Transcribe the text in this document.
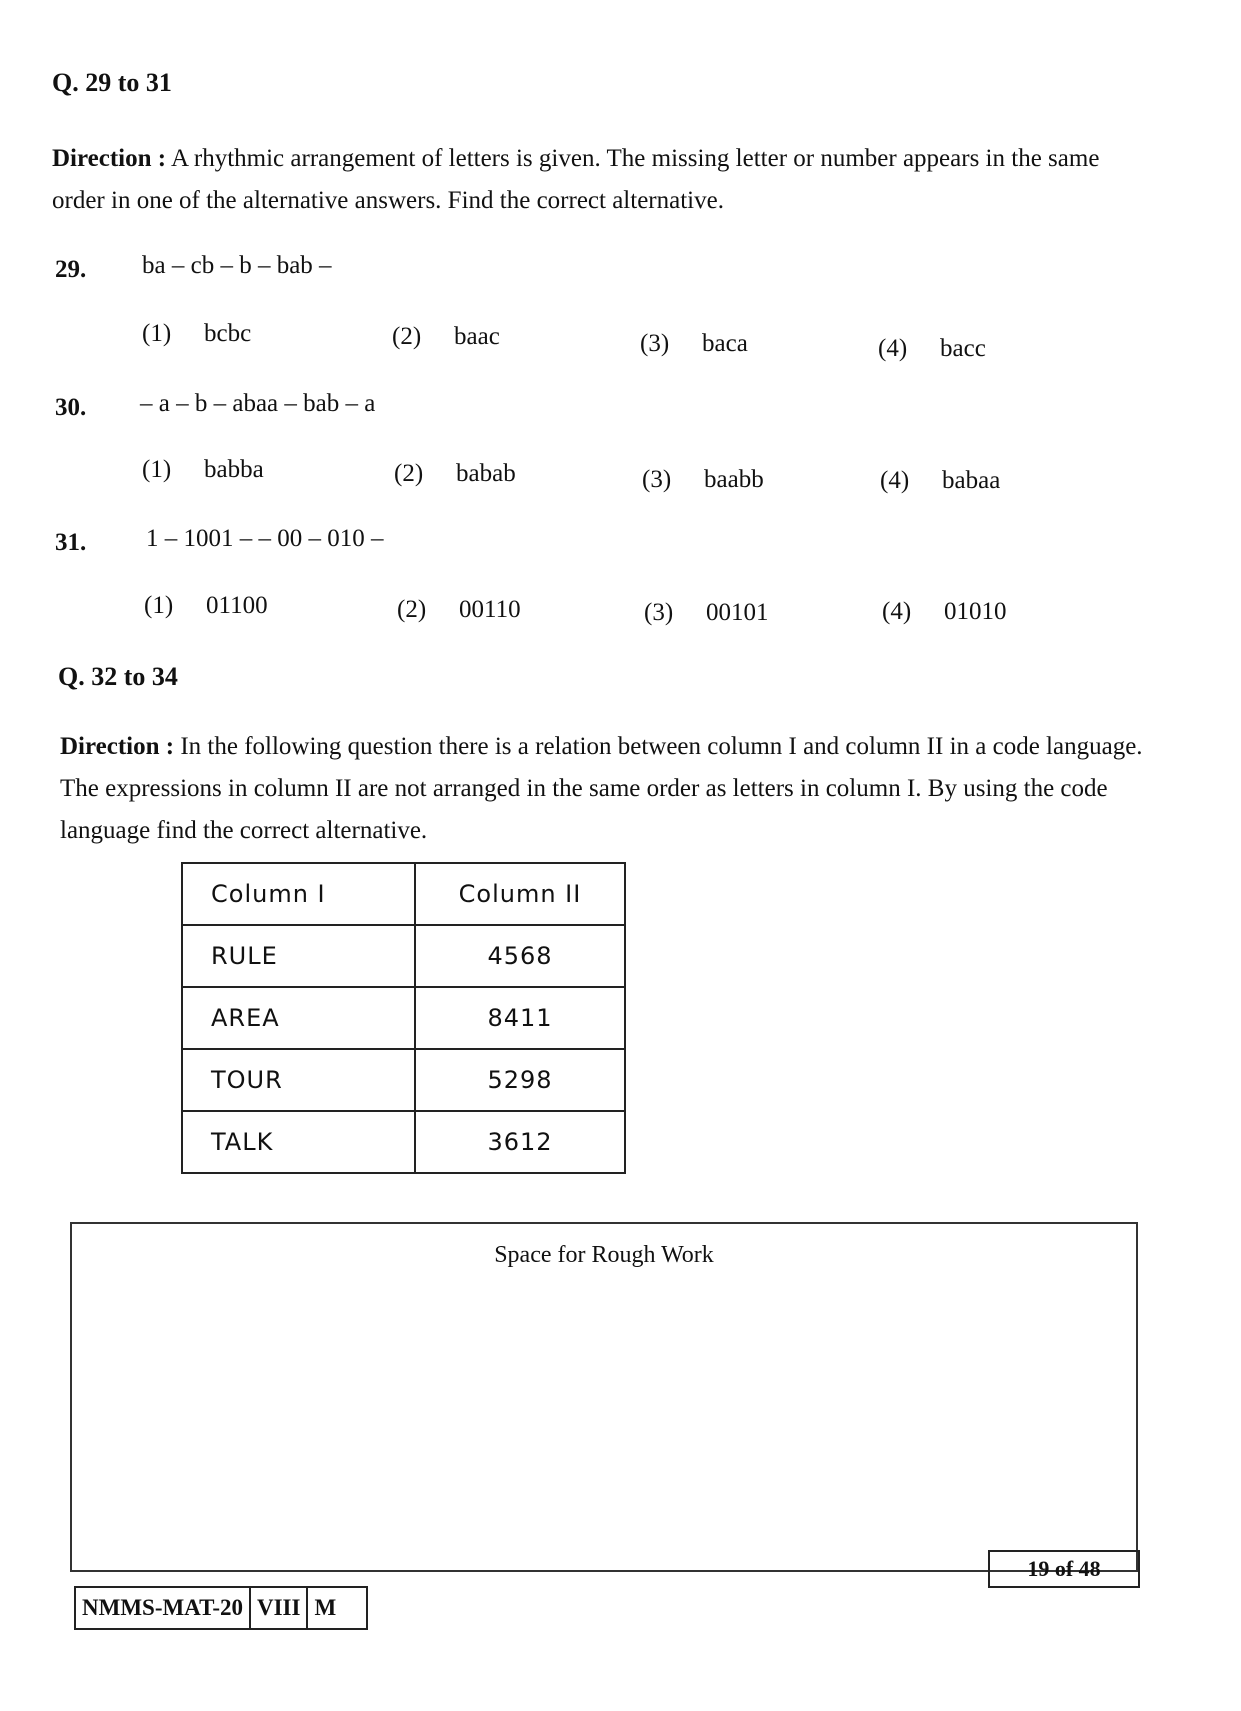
Q. 29 to 31
Direction : A rhythmic arrangement of letters is given. The missing letter or number appears in the same order in one of the alternative answers. Find the correct alternative.
29. ba – cb – b – bab –
(1) bcbc	(2) baac	(3) baca	(4) bacc
30. – a – b – abaa – bab – a
(1) babba	(2) babab	(3) baabb	(4) babaa
31. 1 – 1001 – – 00 – 010 –
(1) 01100	(2) 00110	(3) 00101	(4) 01010
Q. 32 to 34
Direction : In the following question there is a relation between column I and column II in a code language. The expressions in column II are not arranged in the same order as letters in column I. By using the code language find the correct alternative.
Column I	Column II
RULE	4568
AREA	8411
TOUR	5298
TALK	3612
Space for Rough Work
19 of 48
NMMS-MAT-20 VIII M
